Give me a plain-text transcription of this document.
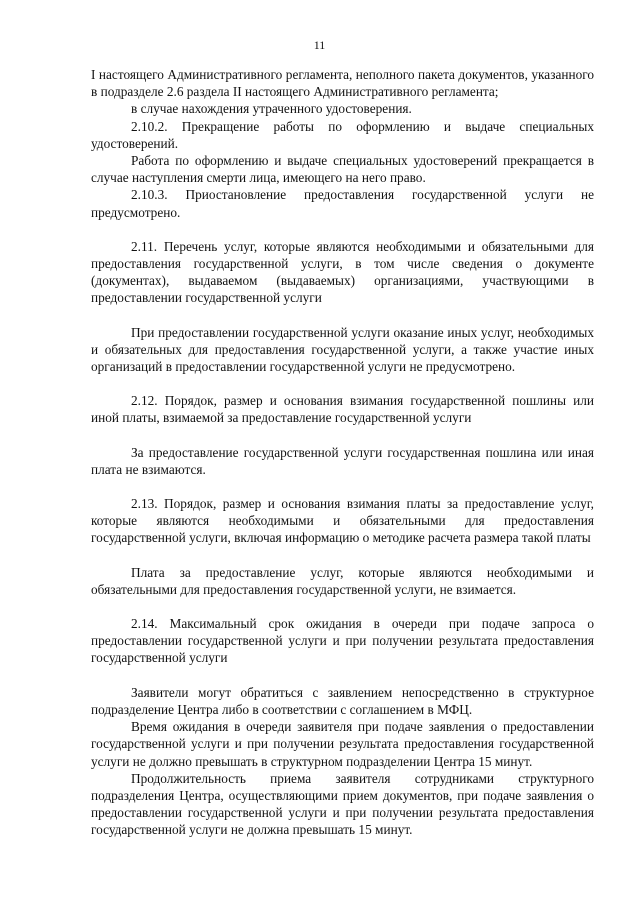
11

I настоящего Административного регламента, неполного пакета документов, указанного в подразделе 2.6 раздела II настоящего Административного регламента;

в случае нахождения утраченного удостоверения.

2.10.2. Прекращение работы по оформлению и выдаче специальных удостоверений.

Работа по оформлению и выдаче специальных удостоверений прекращается в случае наступления смерти лица, имеющего на него право.

2.10.3. Приостановление предоставления государственной услуги не предусмотрено.

2.11. Перечень услуг, которые являются необходимыми и обязательными для предоставления государственной услуги, в том числе сведения о документе (документах), выдаваемом (выдаваемых) организациями, участвующими в предоставлении государственной услуги

При предоставлении государственной услуги оказание иных услуг, необходимых и обязательных для предоставления государственной услуги, а также участие иных организаций в предоставлении государственной услуги не предусмотрено.

2.12. Порядок, размер и основания взимания государственной пошлины или иной платы, взимаемой за предоставление государственной услуги

За предоставление государственной услуги государственная пошлина или иная плата не взимаются.

2.13. Порядок, размер и основания взимания платы за предоставление услуг, которые являются необходимыми и обязательными для предоставления государственной услуги, включая информацию о методике расчета размера такой платы

Плата за предоставление услуг, которые являются необходимыми и обязательными для предоставления государственной услуги, не взимается.

2.14. Максимальный срок ожидания в очереди при подаче запроса о предоставлении государственной услуги и при получении результата предоставления государственной услуги

Заявители могут обратиться с заявлением непосредственно в структурное подразделение Центра либо в соответствии с соглашением в МФЦ.

Время ожидания в очереди заявителя при подаче заявления о предоставлении государственной услуги и при получении результата предоставления государственной услуги не должно превышать в структурном подразделении Центра 15 минут.

Продолжительность приема заявителя сотрудниками структурного подразделения Центра, осуществляющими прием документов, при подаче заявления о предоставлении государственной услуги и при получении результата предоставления государственной услуги не должна превышать 15 минут.
